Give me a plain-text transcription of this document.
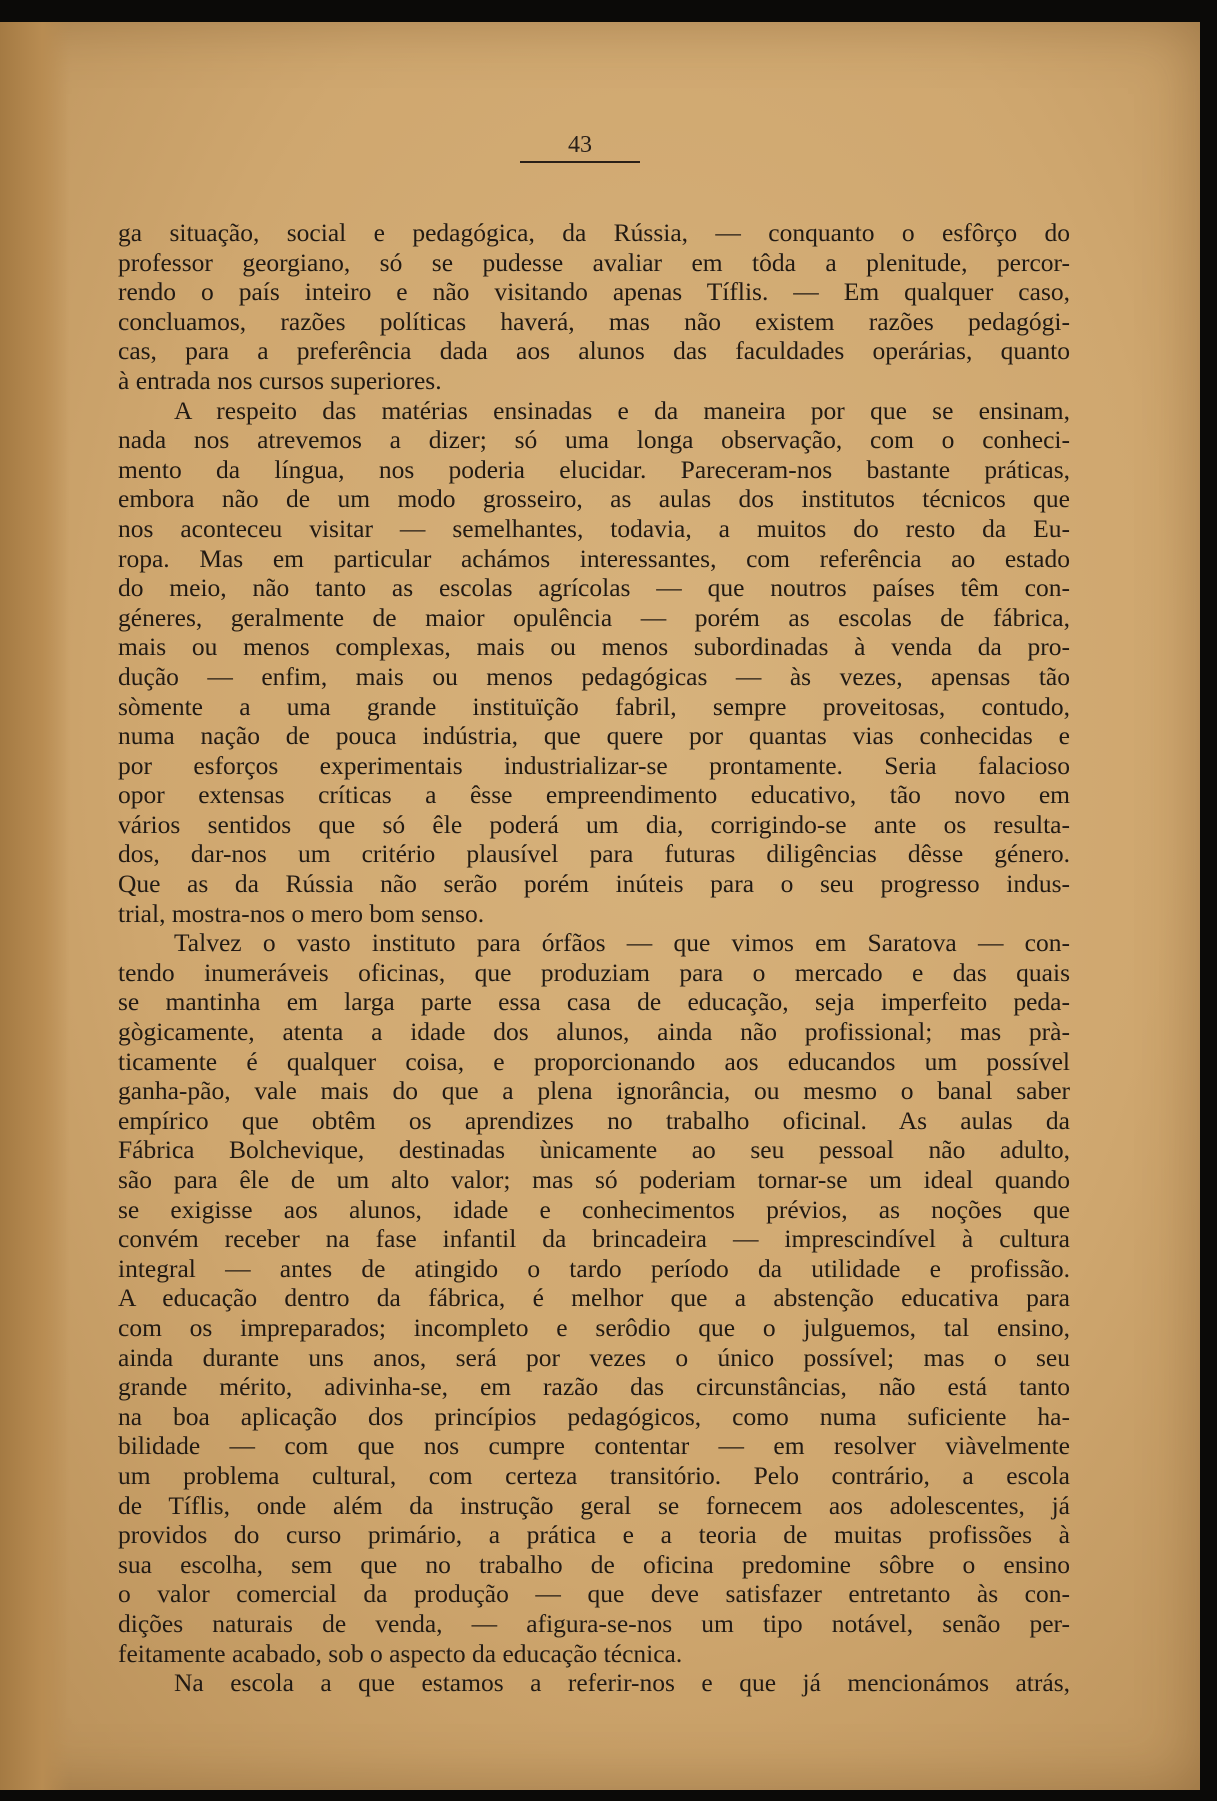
43
ga situação, social e pedagógica, da Rússia, — conquanto o esfôrço do
professor georgiano, só se pudesse avaliar em tôda a plenitude, percor-
rendo o país inteiro e não visitando apenas Tíflis. — Em qualquer caso,
concluamos, razões políticas haverá, mas não existem razões pedagógi-
cas, para a preferência dada aos alunos das faculdades operárias, quanto
à entrada nos cursos superiores.
A respeito das matérias ensinadas e da maneira por que se ensinam,
nada nos atrevemos a dizer; só uma longa observação, com o conheci-
mento da língua, nos poderia elucidar. Pareceram-nos bastante práticas,
embora não de um modo grosseiro, as aulas dos institutos técnicos que
nos aconteceu visitar — semelhantes, todavia, a muitos do resto da Eu-
ropa. Mas em particular achámos interessantes, com referência ao estado
do meio, não tanto as escolas agrícolas — que noutros países têm con-
géneres, geralmente de maior opulência — porém as escolas de fábrica,
mais ou menos complexas, mais ou menos subordinadas à venda da pro-
dução — enfim, mais ou menos pedagógicas — às vezes, apensas tão
sòmente a uma grande instituïção fabril, sempre proveitosas, contudo,
numa nação de pouca indústria, que quere por quantas vias conhecidas e
por esforços experimentais industrializar-se prontamente. Seria falacioso
opor extensas críticas a êsse empreendimento educativo, tão novo em
vários sentidos que só êle poderá um dia, corrigindo-se ante os resulta-
dos, dar-nos um critério plausível para futuras diligências dêsse género.
Que as da Rússia não serão porém inúteis para o seu progresso indus-
trial, mostra-nos o mero bom senso.
Talvez o vasto instituto para órfãos — que vimos em Saratova — con-
tendo inumeráveis oficinas, que produziam para o mercado e das quais
se mantinha em larga parte essa casa de educação, seja imperfeito peda-
gògicamente, atenta a idade dos alunos, ainda não profissional; mas prà-
ticamente é qualquer coisa, e proporcionando aos educandos um possível
ganha-pão, vale mais do que a plena ignorância, ou mesmo o banal saber
empírico que obtêm os aprendizes no trabalho oficinal. As aulas da
Fábrica Bolchevique, destinadas ùnicamente ao seu pessoal não adulto,
são para êle de um alto valor; mas só poderiam tornar-se um ideal quando
se exigisse aos alunos, idade e conhecimentos prévios, as noções que
convém receber na fase infantil da brincadeira — imprescindível à cultura
integral — antes de atingido o tardo período da utilidade e profissão.
A educação dentro da fábrica, é melhor que a abstenção educativa para
com os impreparados; incompleto e serôdio que o julguemos, tal ensino,
ainda durante uns anos, será por vezes o único possível; mas o seu
grande mérito, adivinha-se, em razão das circunstâncias, não está tanto
na boa aplicação dos princípios pedagógicos, como numa suficiente ha-
bilidade — com que nos cumpre contentar — em resolver viàvelmente
um problema cultural, com certeza transitório. Pelo contrário, a escola
de Tíflis, onde além da instrução geral se fornecem aos adolescentes, já
providos do curso primário, a prática e a teoria de muitas profissões à
sua escolha, sem que no trabalho de oficina predomine sôbre o ensino
o valor comercial da produção — que deve satisfazer entretanto às con-
dições naturais de venda, — afigura-se-nos um tipo notável, senão per-
feitamente acabado, sob o aspecto da educação técnica.
Na escola a que estamos a referir-nos e que já mencionámos atrás,
